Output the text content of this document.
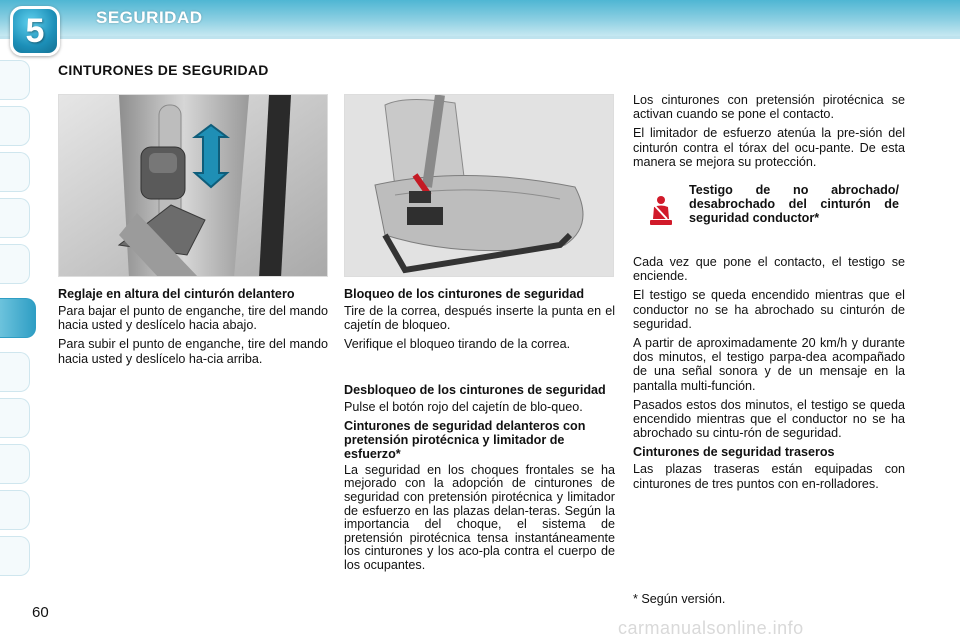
5	SEGURIDAD
CINTURONES DE SEGURIDAD
Reglaje en altura del cinturón delantero

Para bajar el punto de enganche, tire del mando hacia usted y deslícelo hacia abajo.

Para subir el punto de enganche, tire del mando hacia usted y deslícelo ha-cia arriba.

Bloqueo de los cinturones de seguridad

Tire de la correa, después inserte la punta en el cajetín de bloqueo.

Verifique el bloqueo tirando de la correa.

Desbloqueo de los cinturones de seguridad

Pulse el botón rojo del cajetín de blo-queo.

Cinturones de seguridad delanteros con pretensión pirotécnica y limitador de esfuerzo*

La seguridad en los choques frontales se ha mejorado con la adopción de cinturones de seguridad con pretensión pirotécnica y limitador de esfuerzo en las plazas delan-teras. Según la importancia del choque, el sistema de pretensión pirotécnica tensa instantáneamente los cinturones y los aco-pla contra el cuerpo de los ocupantes.

Los cinturones con pretensión pirotécnica se activan cuando se pone el contacto.

El limitador de esfuerzo atenúa la pre-sión del cinturón contra el tórax del ocu-pante. De esta manera se mejora su protección.

Testigo de no abrochado/ desabrochado del cinturón de seguridad conductor*

Cada vez que pone el contacto, el testigo se enciende.

El testigo se queda encendido mientras que el conductor no se ha abrochado su cinturón de seguridad.

A partir de aproximadamente 20 km/h y durante dos minutos, el testigo parpa-dea acompañado de una señal sonora y de un mensaje en la pantalla multi-función.

Pasados estos dos minutos, el testigo se queda encendido mientras que el conductor no se ha abrochado su cintu-rón de seguridad.

Cinturones de seguridad traseros

Las plazas traseras están equipadas con cinturones de tres puntos con en-rolladores.

* Según versión.
60
carmanualsonline.info
